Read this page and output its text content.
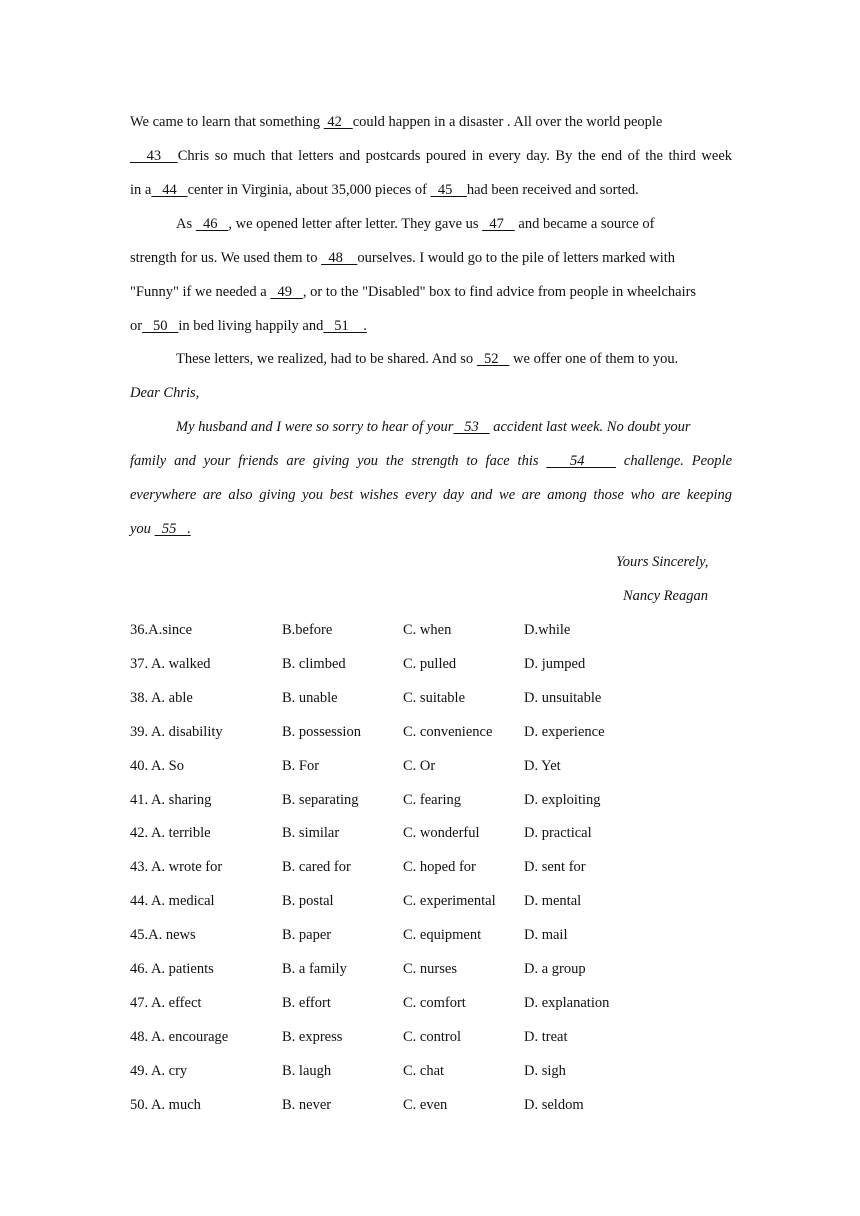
We came to learn that something  42   could happen in a disaster . All over the world people
43   Chris so much that letters and postcards poured in every day. By the end of the third week
in a   44   center in Virginia, about 35,000 pieces of   45    had been received and sorted.
As   46   , we opened letter after letter. They gave us   47    and became a source of
strength for us. We used them to   48    ourselves. I would go to the pile of letters marked with
"Funny" if we needed a   49   , or to the "Disabled" box to find advice from people in wheelchairs
or   50   in bed living happily and   51    .
These letters, we realized, had to be shared. And so   52    we offer one of them to you.
Dear Chris,
My husband and I were so sorry to hear of your   53    accident last week. No doubt your
family and your friends are giving you the strength to face this    54     challenge. People
everywhere are also giving you best wishes every day and we are among those who are keeping
you   55   .
Yours Sincerely,
Nancy Reagan
36.A.since	B.before	C. when	D.while
37. A. walked	B. climbed	C. pulled	D. jumped
38. A. able	B. unable	C. suitable	D. unsuitable
39. A. disability	B. possession	C. convenience D. experience
40. A. So	B. For	C. Or	D. Yet
41. A. sharing	B. separating	C. fearing	D. exploiting
42. A. terrible	B. similar	C. wonderful	D. practical
43. A. wrote for	B. cared for	C. hoped for	D. sent for
44. A. medical	B. postal	C. experimental D. mental
45.A. news	B. paper	C. equipment	D. mail
46. A. patients	B. a family	C. nurses	D. a group
47. A. effect	B. effort	C. comfort	D. explanation
48. A. encourage	B. express	C. control	D. treat
49. A. cry	B. laugh	C. chat	D. sigh
50. A. much	B. never	C. even	D. seldom
